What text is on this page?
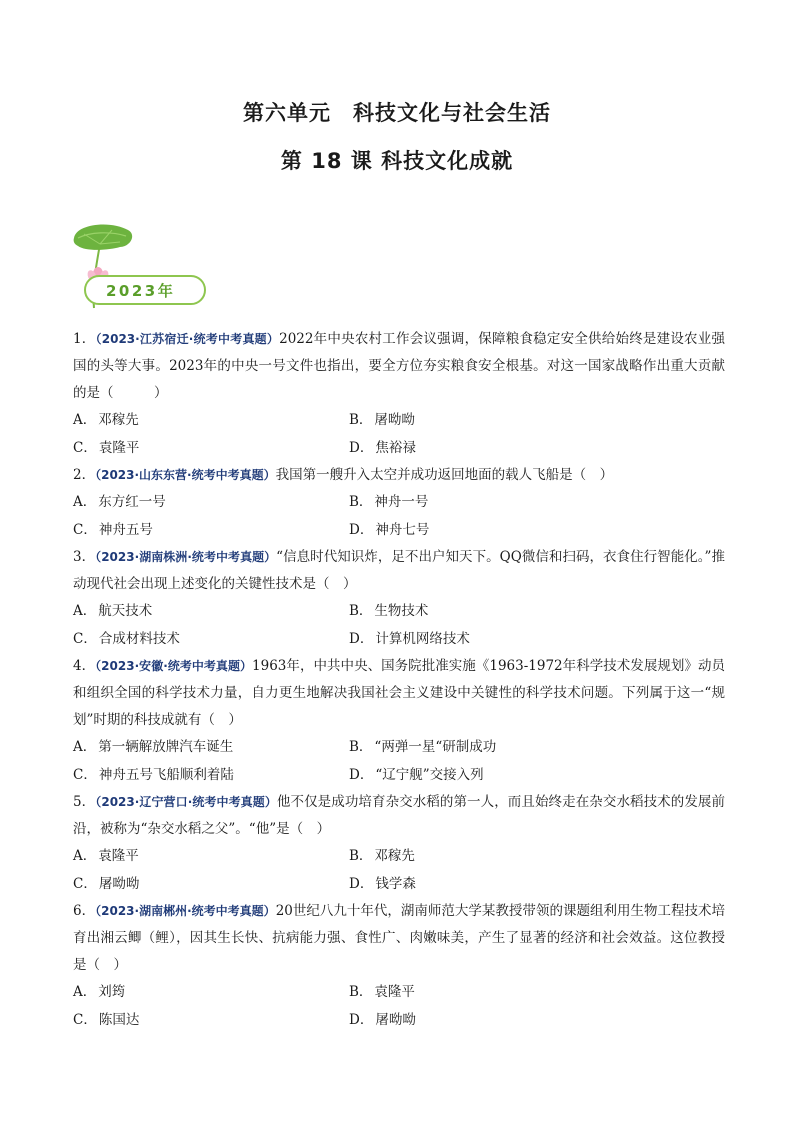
第六单元　科技文化与社会生活
第 18 课 科技文化成就
2023年

1．（2023·江苏宿迁·统考中考真题）2022年中央农村工作会议强调，保障粮食稳定安全供给始终是建设农业强国的头等大事。2023年的中央一号文件也指出，要全方位夯实粮食安全根基。对这一国家战略作出重大贡献的是（　　　）

A． 邓稼先	B． 屠呦呦
C． 袁隆平	D． 焦裕禄

2．（2023·山东东营·统考中考真题）我国第一艘升入太空并成功返回地面的载人飞船是（　）

A． 东方红一号	B． 神舟一号
C． 神舟五号	D． 神舟七号

3．（2023·湖南株洲·统考中考真题）“信息时代知识炸，足不出户知天下。QQ微信和扫码，衣食住行智能化。”推动现代社会出现上述变化的关键性技术是（　）

A． 航天技术	B． 生物技术
C． 合成材料技术	D． 计算机网络技术

4．（2023·安徽·统考中考真题）1963年，中共中央、国务院批准实施《1963-1972年科学技术发展规划》动员和组织全国的科学技术力量，自力更生地解决我国社会主义建设中关键性的科学技术问题。下列属于这一“规划”时期的科技成就有（　）

A． 第一辆解放牌汽车诞生	B． “两弹一星“研制成功
C． 神舟五号飞船顺利着陆	D． “辽宁舰”交接入列

5．（2023·辽宁营口·统考中考真题）他不仅是成功培育杂交水稻的第一人，而且始终走在杂交水稻技术的发展前沿，被称为“杂交水稻之父”。“他”是（　）

A． 袁隆平	B． 邓稼先
C． 屠呦呦	D． 钱学森

6．（2023·湖南郴州·统考中考真题）20世纪八九十年代，湖南师范大学某教授带领的课题组利用生物工程技术培育出湘云鲫（鲤），因其生长快、抗病能力强、食性广、肉嫩味美，产生了显著的经济和社会效益。这位教授是（　）

A． 刘筠	B． 袁隆平
C． 陈国达	D． 屠呦呦
